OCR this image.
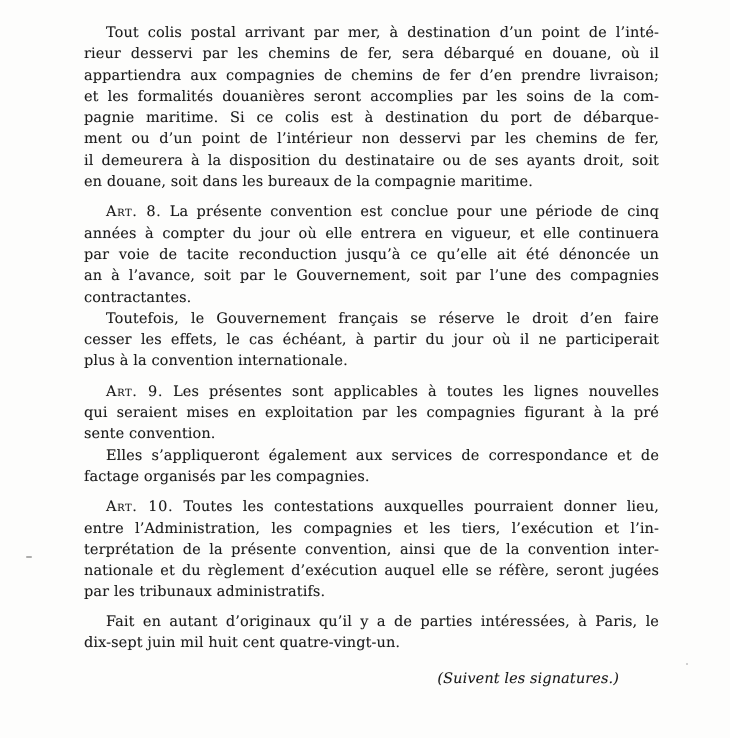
Tout colis postal arrivant par mer, à destination d’un point de l’inté-
rieur desservi par les chemins de fer, sera débarqué en douane, où il
appartiendra aux compagnies de chemins de fer d’en prendre livraison;
et les formalités douanières seront accomplies par les soins de la com-
pagnie maritime. Si ce colis est à destination du port de débarque-
ment ou d’un point de l’intérieur non desservi par les chemins de fer,
il demeurera à la disposition du destinataire ou de ses ayants droit, soit
en douane, soit dans les bureaux de la compagnie maritime.
Art. 8. La présente convention est conclue pour une période de cinq
années à compter du jour où elle entrera en vigueur, et elle continuera
par voie de tacite reconduction jusqu’à ce qu’elle ait été dénoncée un
an à l’avance, soit par le Gouvernement, soit par l’une des compagnies
contractantes.
Toutefois, le Gouvernement français se réserve le droit d’en faire
cesser les effets, le cas échéant, à partir du jour où il ne participerait
plus à la convention internationale.
Art. 9. Les présentes sont applicables à toutes les lignes nouvelles
qui seraient mises en exploitation par les compagnies figurant à la pré
sente convention.
Elles s’appliqueront également aux services de correspondance et de
factage organisés par les compagnies.
Art. 10. Toutes les contestations auxquelles pourraient donner lieu,
entre l’Administration, les compagnies et les tiers, l’exécution et l’in-
terprétation de la présente convention, ainsi que de la convention inter-
nationale et du règlement d’exécution auquel elle se réfère, seront jugées
par les tribunaux administratifs.
Fait en autant d’originaux qu’il y a de parties intéressées, à Paris, le
dix-sept juin mil huit cent quatre-vingt-un.
(Suivent les signatures.)
